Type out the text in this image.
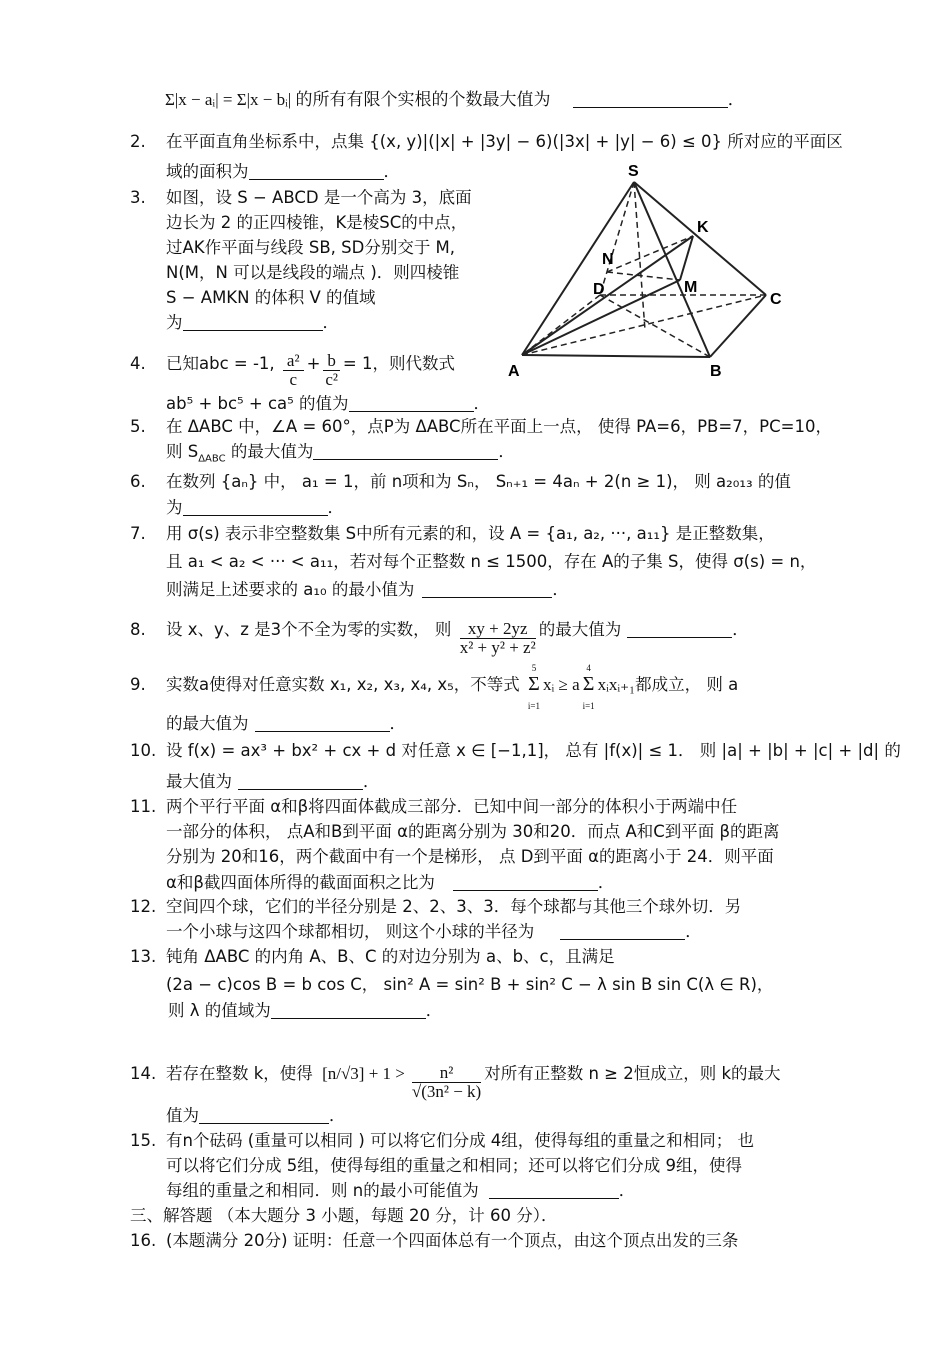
Σ|x − aᵢ| = Σ|x − bᵢ| 的所有有限个实根的个数最大值为	．
2. 在平面直角坐标系中，点集 {(x, y)|(|x| + |3y| − 6)(|3x| + |y| − 6) ≤ 0} 所对应的平面区
域的面积为	．
3. 如图，设 S − ABCD 是一个高为 3，底面
边长为 2 的正四棱锥，K是棱SC的中点，
过AK作平面与线段 SB, SD分别交于 M,
N(M，N 可以是线段的端点 )．则四棱锥
S − AMKN 的体积 V 的值域
为	．
S
K
N
M
D
C
A	B
4. 已知abc = -1, $\frac{\text{a²}}{c} + \frac{b}{\text{c²}} = 1$，则代数式
ab⁵ + bc⁵ + ca⁵ 的值为	．
5. 在 ΔABC 中，∠A = 60°，点P为 ΔABC所在平面上一点， 使得 PA=6，PB=7，PC=10，
则 $S_{\Delta ABC}$ 的最大值为	．
6. 在数列 {aₙ} 中， a₁ = 1，前 n项和为 Sₙ， Sₙ₊₁ = 4aₙ + 2(n ≥ 1)， 则 a₂₀₁₃ 的值
为	．
7. 用 σ(s) 表示非空整数集 S中所有元素的和，设 A = {a₁, a₂, ···, a₁₁} 是正整数集，
且 a₁ < a₂ < ··· < a₁₁，若对每个正整数 n ≤ 1500，存在 A的子集 S，使得 σ(s) = n，
则满足上述要求的 a₁₀ 的最小值为	．
8. 设 x、y、z 是3个不全为零的实数， 则 $\frac{xy + 2yz}{\text{x² + y² + z²}}$ 的最大值为	．
9. 实数a使得对任意实数 x₁, x₂, x₃, x₄, x₅，不等式 Σ
5
i=1
xᵢ ≥ a Σ
4
i=1
xᵢxᵢ₊₁都成立， 则 a
的最大值为	．
10. 设 f(x) = ax³ + bx² + cx + d 对任意 x ∈ [−1,1]， 总有 |f(x)| ≤ 1． 则 |a| + |b| + |c| + |d| 的
最大值为	．
11. 两个平行平面 α和β将四面体截成三部分．已知中间一部分的体积小于两端中任
一部分的体积， 点A和B到平面 α的距离分别为 30和20．而点 A和C到平面 β的距离
分别为 20和16，两个截面中有一个是梯形， 点 D到平面 α的距离小于 24．则平面
α和β截四面体所得的截面面积之比为	．
12. 空间四个球，它们的半径分别是 2、2、3、3．每个球都与其他三个球外切．另
一个小球与这四个球都相切， 则这个小球的半径为	．
13. 钝角 ΔABC 的内角 A、B、C 的对边分别为 a、b、c，且满足
(2a − c)cos B = b cos C， sin² A = sin² B + sin² C − λ sin B sin C(λ ∈ R)，
则 λ 的值域为	．
14. 若存在整数 k，使得 $[n/√3] + 1 > \frac{\text{n²}}{\text{√(3n² − k)}}$ 对所有正整数 n ≥ 2恒成立，则 k的最大
值为	．
15. 有n个砝码 (重量可以相同 ) 可以将它们分成 4组，使得每组的重量之和相同； 也
可以将它们分成 5组，使得每组的重量之和相同；还可以将它们分成 9组，使得
每组的重量之和相同．则 n的最小可能值为	．
三、解答题 （本大题分 3 小题，每题 20 分，计 60 分）．
16. (本题满分 20分) 证明：任意一个四面体总有一个顶点，由这个顶点出发的三条
